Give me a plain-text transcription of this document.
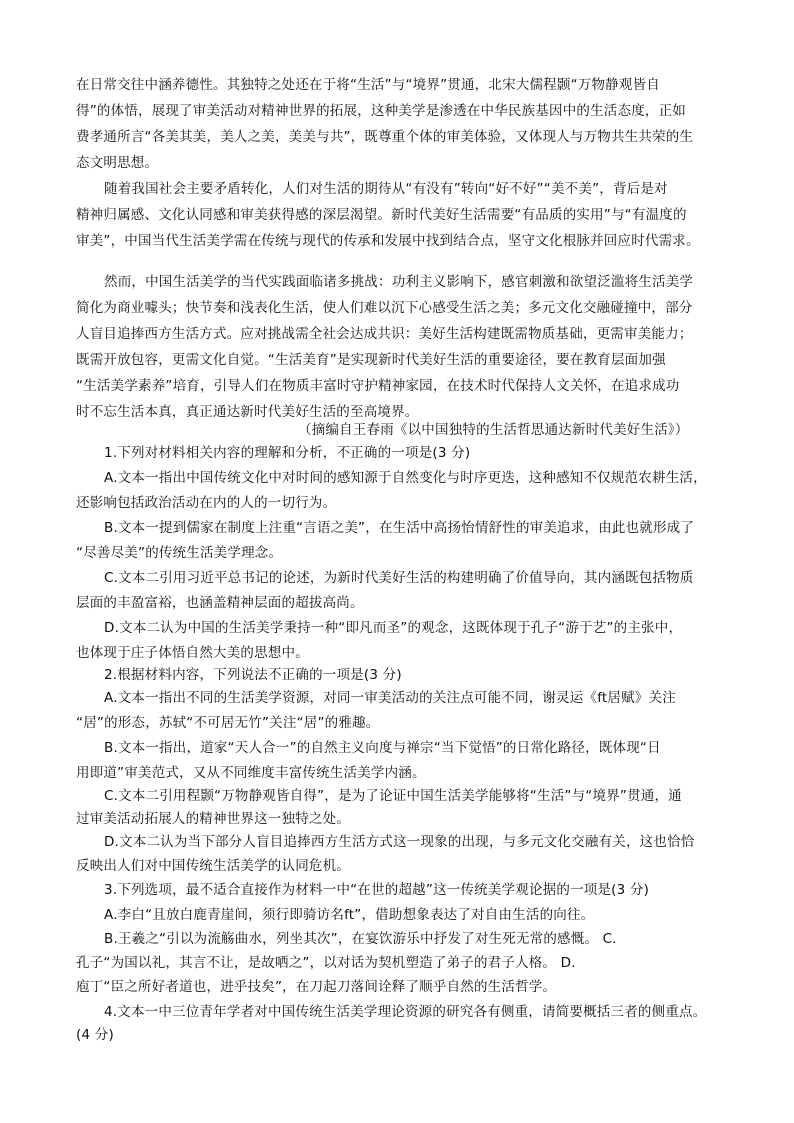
在日常交往中涵养德性。其独特之处还在于将“生活”与“境界”贯通，北宋大儒程颢“万物静观皆自
得”的体悟，展现了审美活动对精神世界的拓展，这种美学是渗透在中华民族基因中的生活态度，正如
费孝通所言“各美其美，美人之美，美美与共”，既尊重个体的审美体验，又体现人与万物共生共荣的生
态文明思想。
随着我国社会主要矛盾转化，人们对生活的期待从“有没有”转向“好不好”“美不美”，背后是对
精神归属感、文化认同感和审美获得感的深层渴望。新时代美好生活需要“有品质的实用”与“有温度的
审美”，中国当代生活美学需在传统与现代的传承和发展中找到结合点，坚守文化根脉并回应时代需求。
然而，中国生活美学的当代实践面临诸多挑战：功利主义影响下，感官刺激和欲望泛滥将生活美学
简化为商业噱头；快节奏和浅表化生活，使人们难以沉下心感受生活之美；多元文化交融碰撞中，部分
人盲目追捧西方生活方式。应对挑战需全社会达成共识：美好生活构建既需物质基础，更需审美能力；
既需开放包容，更需文化自觉。“生活美育”是实现新时代美好生活的重要途径，要在教育层面加强
“生活美学素养”培育，引导人们在物质丰富时守护精神家园，在技术时代保持人文关怀，在追求成功
时不忘生活本真，真正通达新时代美好生活的至高境界。
（摘编自王春雨《以中国独特的生活哲思通达新时代美好生活》）
1.下列对材料相关内容的理解和分析，不正确的一项是(3 分)
A.文本一指出中国传统文化中对时间的感知源于自然变化与时序更迭，这种感知不仅规范农耕生活，
还影响包括政治活动在内的人的一切行为。
B.文本一提到儒家在制度上注重“言语之美”，在生活中高扬怡情舒性的审美追求，由此也就形成了
“尽善尽美”的传统生活美学理念。
C.文本二引用习近平总书记的论述，为新时代美好生活的构建明确了价值导向，其内涵既包括物质
层面的丰盈富裕，也涵盖精神层面的超拔高尚。
D.文本二认为中国的生活美学秉持一种“即凡而圣”的观念，这既体现于孔子“游于艺”的主张中，
也体现于庄子体悟自然大美的思想中。
2.根据材料内容，下列说法不正确的一项是(3 分)
A.文本一指出不同的生活美学资源，对同一审美活动的关注点可能不同，谢灵运《ft居赋》关注
“居”的形态，苏轼“不可居无竹”关注“居”的雅趣。
B.文本一指出，道家“天人合一”的自然主义向度与禅宗“当下觉悟”的日常化路径，既体现“日
用即道”审美范式，又从不同维度丰富传统生活美学内涵。
C.文本二引用程颢“万物静观皆自得”，是为了论证中国生活美学能够将“生活”与“境界”贯通，通
过审美活动拓展人的精神世界这一独特之处。
D.文本二认为当下部分人盲目追捧西方生活方式这一现象的出现，与多元文化交融有关，这也恰恰
反映出人们对中国传统生活美学的认同危机。
3.下列选项，最不适合直接作为材料一中“在世的超越”这一传统美学观论据的一项是(3 分)
A.李白“且放白鹿青崖间，须行即骑访名ft”，借助想象表达了对自由生活的向往。
B.王羲之“引以为流觞曲水，列坐其次”，在宴饮游乐中抒发了对生死无常的感慨。 C.
孔子“为国以礼，其言不让，是故哂之”，以对话为契机塑造了弟子的君子人格。 D.
庖丁“臣之所好者道也，进乎技矣”，在刀起刀落间诠释了顺乎自然的生活哲学。
4.文本一中三位青年学者对中国传统生活美学理论资源的研究各有侧重，请简要概括三者的侧重点。
(4 分)
